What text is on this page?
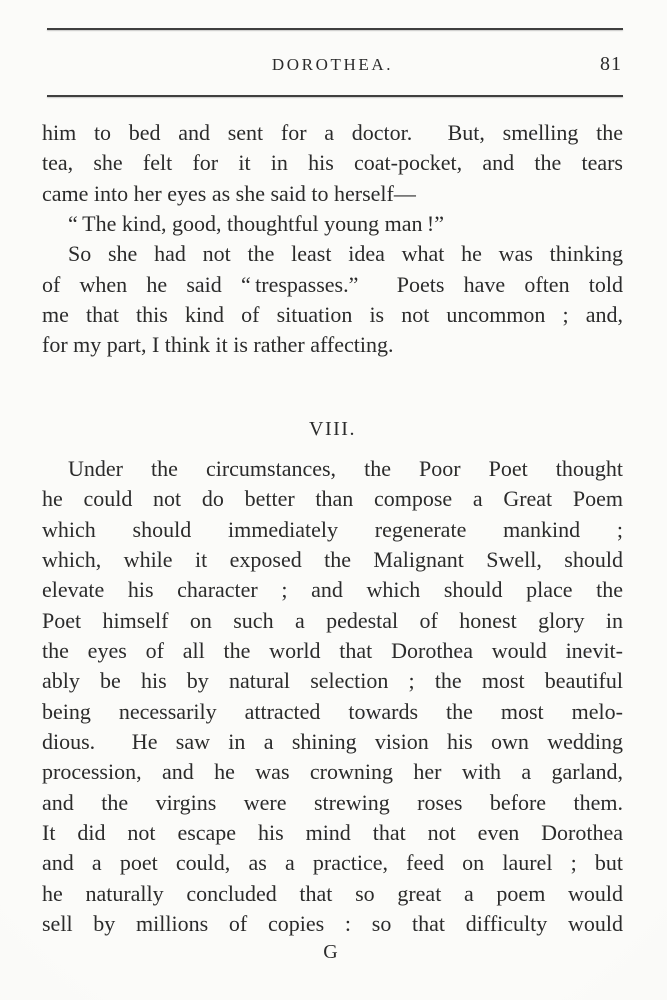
DOROTHEA.	81
him to bed and sent for a doctor.  But, smelling the
tea, she felt for it in his coat-pocket, and the tears
came into her eyes as she said to herself—
“ The kind, good, thoughtful young man !”
So she had not the least idea what he was thinking
of when he said “ trespasses.”  Poets have often told
me that this kind of situation is not uncommon ; and,
for my part, I think it is rather affecting.
VIII.
Under the circumstances, the Poor Poet thought
he could not do better than compose a Great Poem
which should immediately regenerate mankind ;
which, while it exposed the Malignant Swell, should
elevate his character ; and which should place the
Poet himself on such a pedestal of honest glory in
the eyes of all the world that Dorothea would inevit-
ably be his by natural selection ; the most beautiful
being necessarily attracted towards the most melo-
dious.  He saw in a shining vision his own wedding
procession, and he was crowning her with a garland,
and the virgins were strewing roses before them.
It did not escape his mind that not even Dorothea
and a poet could, as a practice, feed on laurel ; but
he naturally concluded that so great a poem would
sell by millions of copies : so that difficulty would
G
